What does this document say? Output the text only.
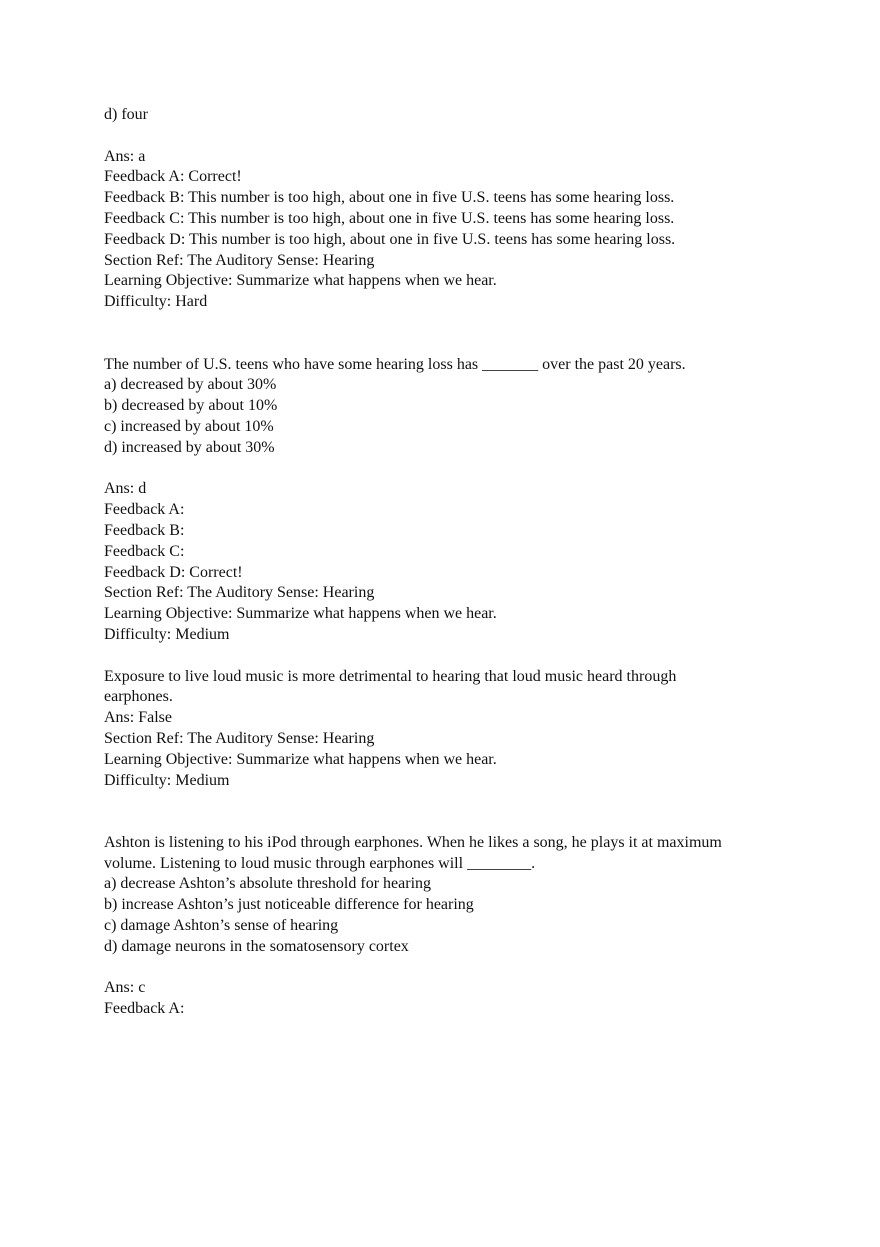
d) four
Ans: a
Feedback A: Correct!
Feedback B: This number is too high, about one in five U.S. teens has some hearing loss.
Feedback C: This number is too high, about one in five U.S. teens has some hearing loss.
Feedback D: This number is too high, about one in five U.S. teens has some hearing loss.
Section Ref: The Auditory Sense: Hearing
Learning Objective: Summarize what happens when we hear.
Difficulty: Hard
The number of U.S. teens who have some hearing loss has _______ over the past 20 years.
a) decreased by about 30%
b) decreased by about 10%
c) increased by about 10%
d) increased by about 30%
Ans: d
Feedback A:
Feedback B:
Feedback C:
Feedback D: Correct!
Section Ref: The Auditory Sense: Hearing
Learning Objective: Summarize what happens when we hear.
Difficulty: Medium
Exposure to live loud music is more detrimental to hearing that loud music heard through
earphones.
Ans: False
Section Ref: The Auditory Sense: Hearing
Learning Objective: Summarize what happens when we hear.
Difficulty: Medium
Ashton is listening to his iPod through earphones. When he likes a song, he plays it at maximum
volume. Listening to loud music through earphones will ________.
a) decrease Ashton’s absolute threshold for hearing
b) increase Ashton’s just noticeable difference for hearing
c) damage Ashton’s sense of hearing
d) damage neurons in the somatosensory cortex
Ans: c
Feedback A:
